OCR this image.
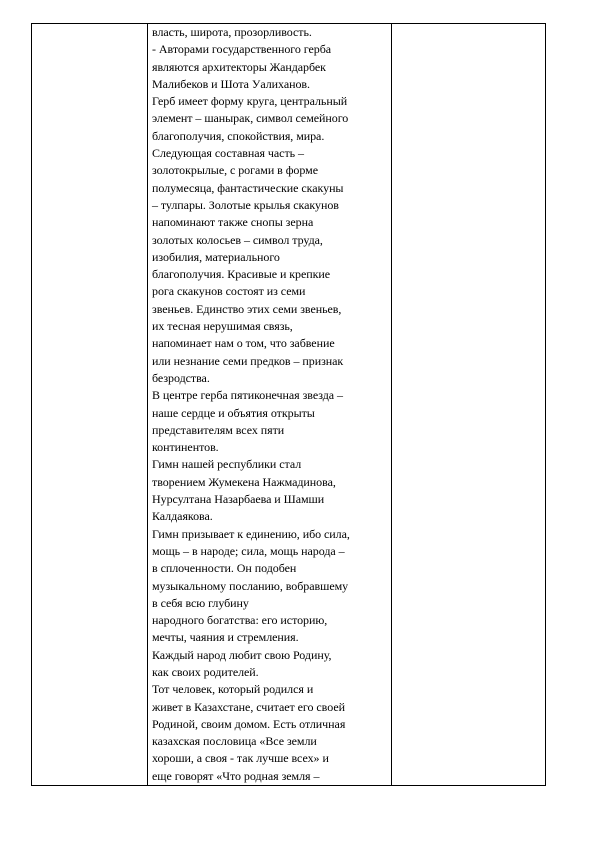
власть, широта, прозорливость.
- Авторами государственного герба
являются архитекторы Жандарбек
Малибеков и Шота Уалиханов.
Герб имеет форму круга, центральный
элемент – шанырак, символ семейного
благополучия, спокойствия, мира.
Следующая составная часть –
золотокрылые, с рогами в форме
полумесяца, фантастические скакуны
– тулпары. Золотые крылья скакунов
напоминают также снопы зерна
золотых колосьев – символ труда,
изобилия, материального
благополучия. Красивые и крепкие
рога скакунов состоят из семи
звеньев. Единство этих семи звеньев,
их тесная нерушимая связь,
напоминает нам о том, что забвение
или незнание семи предков – признак
безродства.
В центре герба пятиконечная звезда –
наше сердце и объятия открыты
представителям всех пяти
континентов.
Гимн нашей республики стал
творением Жумекена Нажмадинова,
Нурсултана Назарбаева и Шамши
Калдаякова.
Гимн призывает к единению, ибо сила,
мощь – в народе; сила, мощь народа –
в сплоченности. Он подобен
музыкальному посланию, вобравшему
в себя всю глубину
народного богатства: его историю,
мечты, чаяния и стремления.
Каждый народ любит свою Родину,
как своих родителей.
Тот человек, который родился и
живет в Казахстане, считает его своей
Родиной, своим домом. Есть отличная
казахская пословица «Все земли
хороши, а своя - так лучше всех» и
еще говорят «Что родная земля –
